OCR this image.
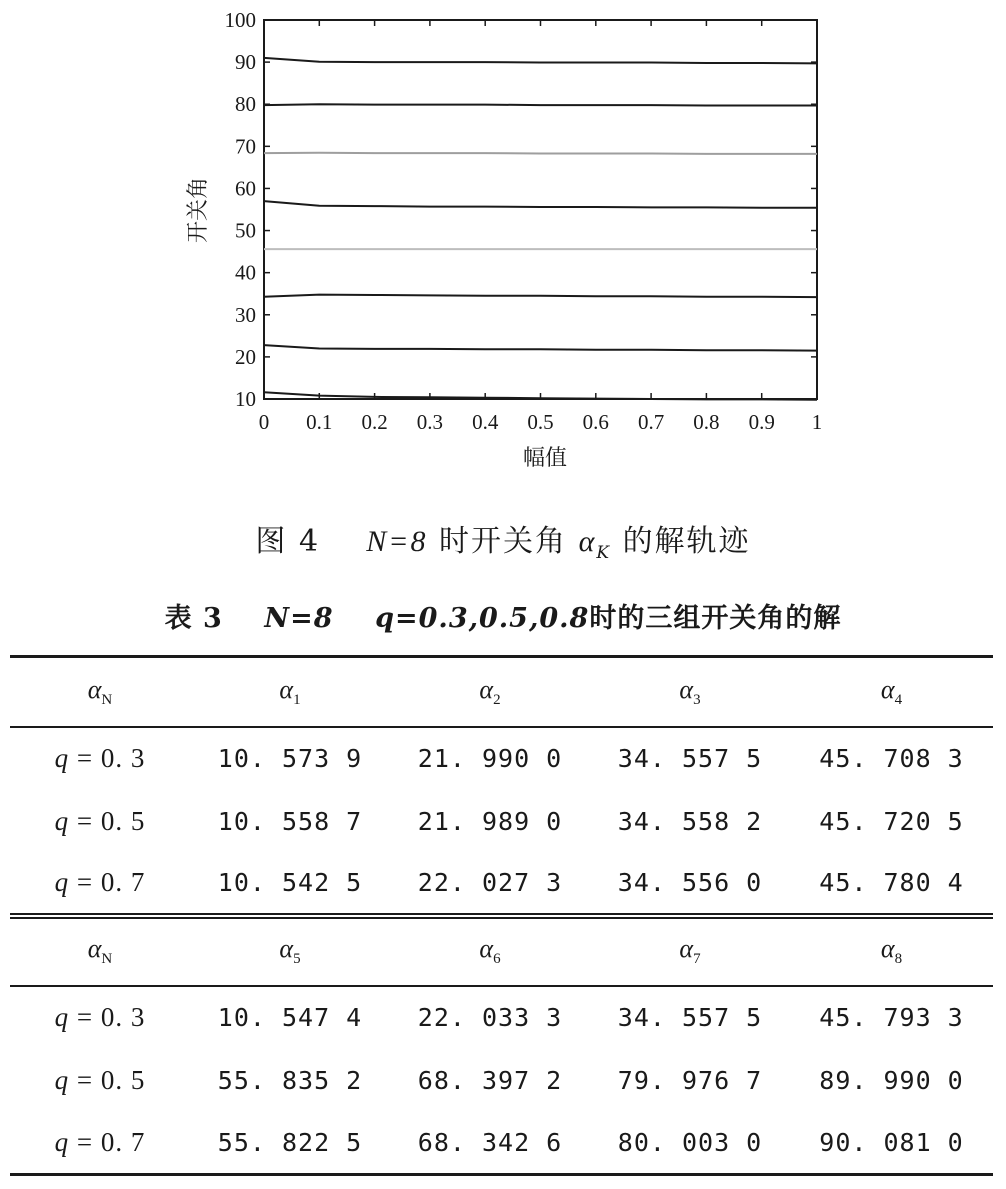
0 0.1 0.2 0.3 0.4 0.5 0.6 0.7 0.8 0.9 1
10
20
30
40
50
60
70
80
90
100
幅值
开关角
图 4 N=8 时开关角 $\alpha_K$ 的解轨迹
表 3 N=8 q=0.3,0.5,0.8时的三组开关角的解
$\alpha_N$	$\alpha_1$	$\alpha_2$	$\alpha_3$	$\alpha_4$
q = 0. 3	10. 573 9	21. 990 0	34. 557 5	45. 708 3
q = 0. 5	10. 558 7	21. 989 0	34. 558 2	45. 720 5
q = 0. 7	10. 542 5	22. 027 3	34. 556 0	45. 780 4
$\alpha_N$	$\alpha_5$	$\alpha_6$	$\alpha_7$	$\alpha_8$
q = 0. 3	10. 547 4	22. 033 3	34. 557 5	45. 793 3
q = 0. 5	55. 835 2	68. 397 2	79. 976 7	89. 990 0
q = 0. 7	55. 822 5	68. 342 6	80. 003 0	90. 081 0
